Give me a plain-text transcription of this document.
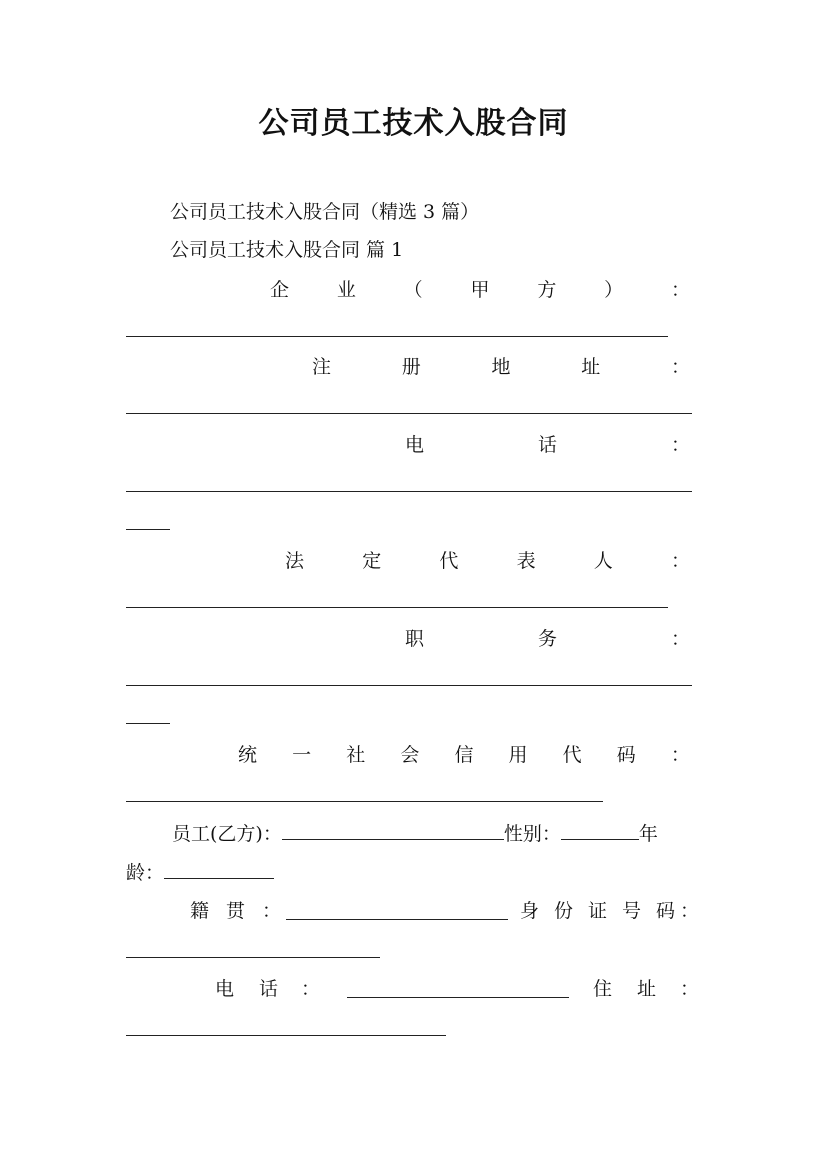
公司员工技术入股合同
公司员工技术入股合同（精选 3 篇）
公司员工技术入股合同 篇 1
企	业	（	甲	方	）	：
注	册	地	址	：
电	话	：
法	定	代	表	人	：
职	务	：
统 一 社 会 信 用 代 码 ：
员工(乙方)：	性别：	年
龄：
籍 贯 ：	身 份 证 号 码 ：
电 话 ：	住 址 ：
